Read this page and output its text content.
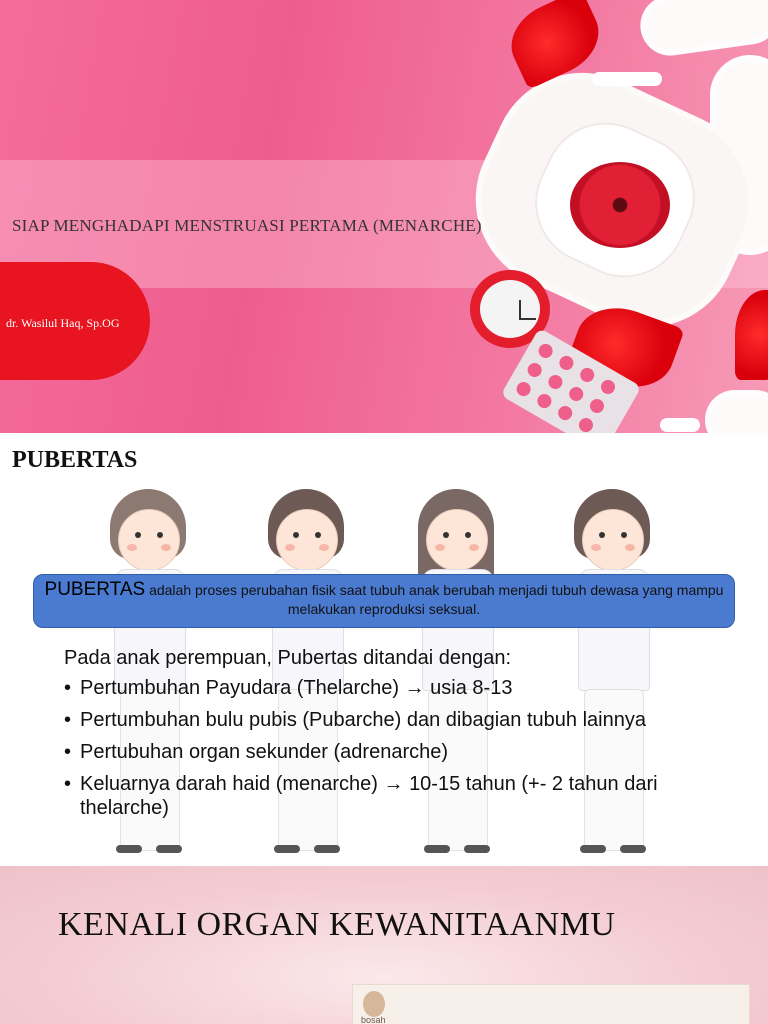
SIAP MENGHADAPI MENSTRUASI PERTAMA (MENARCHE)
dr. Wasilul Haq, Sp.OG
PUBERTAS
PUBERTAS adalah proses perubahan fisik saat tubuh anak berubah menjadi tubuh dewasa yang mampu melakukan reproduksi seksual.

Pada anak perempuan, Pubertas ditandai dengan:

• Pertumbuhan Payudara (Thelarche) → usia 8-13
• Pertumbuhan bulu pubis (Pubarche) dan dibagian tubuh lainnya
• Pertubuhan organ sekunder (adrenarche)
• Keluarnya darah haid (menarche) → 10-15 tahun (+- 2 tahun dari thelarche)
KENALI ORGAN KEWANITAANMU
bosah
